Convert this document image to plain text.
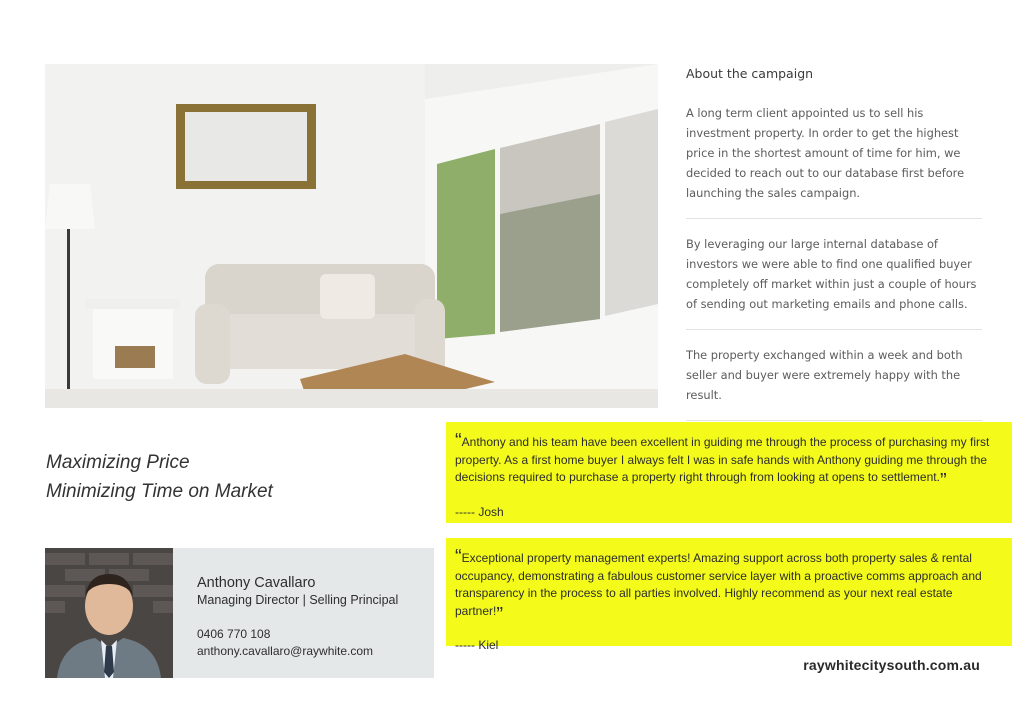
About the campaign

A long term client appointed us to sell his investment property. In order to get the highest price in the shortest amount of time for him, we decided to reach out to our database first before launching the sales campaign.

By leveraging our large internal database of investors we were able to find one qualified buyer completely off market within just a couple of hours of sending out marketing emails and phone calls.

The property exchanged within a week and both seller and buyer were extremely happy with the result.

Maximizing Price
Minimizing Time on Market

“Anthony and his team have been excellent in guiding me through the process of purchasing my first property. As a first home buyer I always felt I was in safe hands with Anthony guiding me through the decisions required to purchase a property right through from looking at opens to settlement.”

----- Josh

“Exceptional property management experts! Amazing support across both property sales & rental occupancy, demonstrating a fabulous customer service layer with a proactive comms approach and transparency in the process to all parties involved. Highly recommend as your next real estate partner!”

----- Kiel
Anthony Cavallaro
Managing Director | Selling Principal
0406 770 108
anthony.cavallaro@raywhite.com
raywhitecitysouth.com.au
